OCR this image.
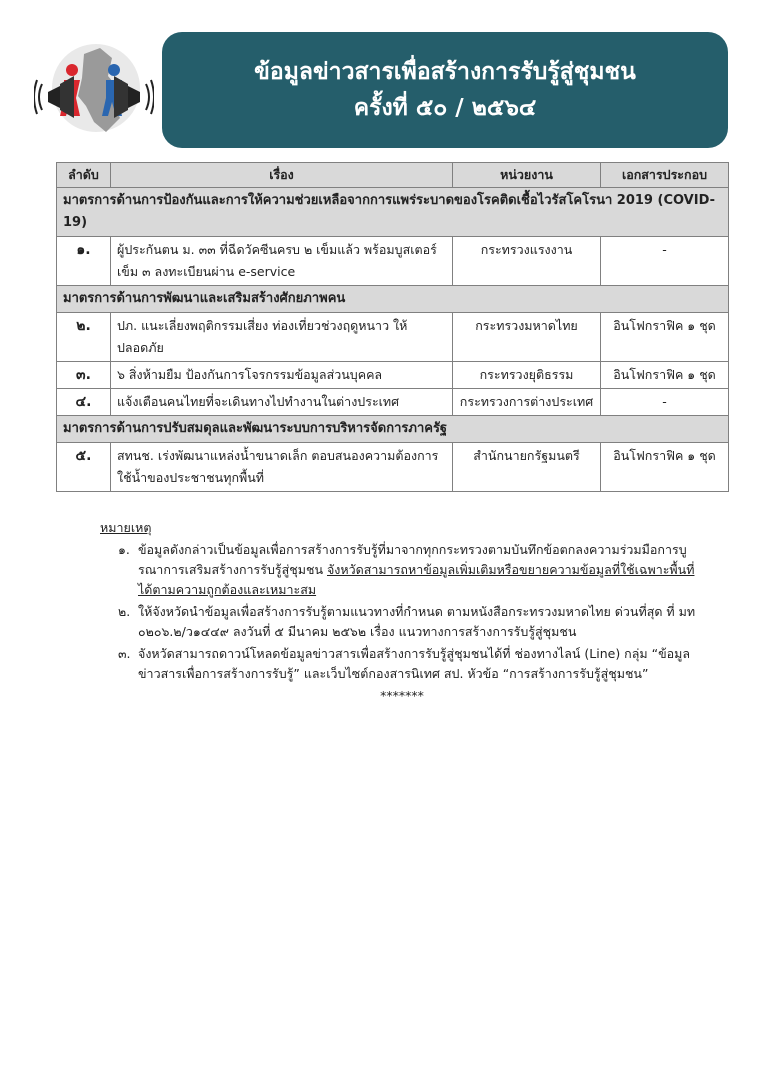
ข้อมูลข่าวสารเพื่อสร้างการรับรู้สู่ชุมชน
ครั้งที่ ๕๐ / ๒๕๖๔
ลำดับ	เรื่อง	หน่วยงาน	เอกสารประกอบ
มาตรการด้านการป้องกันและการให้ความช่วยเหลือจากการแพร่ระบาดของโรคติดเชื้อไวรัสโคโรนา 2019 (COVID-19)			
๑.	ผู้ประกันตน ม. ๓๓ ที่ฉีดวัคซีนครบ ๒ เข็มแล้ว พร้อมบูสเตอร์ เข็ม ๓ ลงทะเบียนผ่าน e-service	กระทรวงแรงงาน	-
มาตรการด้านการพัฒนาและเสริมสร้างศักยภาพคน			
๒.	ปภ. แนะเลี่ยงพฤติกรรมเสี่ยง ท่องเที่ยวช่วงฤดูหนาว ให้ปลอดภัย	กระทรวงมหาดไทย	อินโฟกราฟิค ๑ ชุด
๓.	๖ สิ่งห้ามยืม ป้องกันการโจรกรรมข้อมูลส่วนบุคคล	กระทรวงยุติธรรม	อินโฟกราฟิค ๑ ชุด
๔.	แจ้งเตือนคนไทยที่จะเดินทางไปทำงานในต่างประเทศ	กระทรวงการต่างประเทศ	-
มาตรการด้านการปรับสมดุลและพัฒนาระบบการบริหารจัดการภาครัฐ			
๕.	สทนช. เร่งพัฒนาแหล่งน้ำขนาดเล็ก ตอบสนองความต้องการ ใช้น้ำของประชาชนทุกพื้นที่	สำนักนายกรัฐมนตรี	อินโฟกราฟิค ๑ ชุด
หมายเหตุ
๑. ข้อมูลดังกล่าวเป็นข้อมูลเพื่อการสร้างการรับรู้ที่มาจากทุกกระทรวงตามบันทึกข้อตกลงความร่วมมือการบูรณาการเสริมสร้างการรับรู้สู่ชุมชน จังหวัดสามารถหาข้อมูลเพิ่มเติมหรือขยายความข้อมูลที่ใช้เฉพาะพื้นที่ได้ตามความถูกต้องและเหมาะสม
๒. ให้จังหวัดนำข้อมูลเพื่อสร้างการรับรู้ตามแนวทางที่กำหนด ตามหนังสือกระทรวงมหาดไทย ด่วนที่สุด ที่ มท ๐๒๐๖.๒/ว๑๔๔๙ ลงวันที่ ๕ มีนาคม ๒๕๖๒ เรื่อง แนวทางการสร้างการรับรู้สู่ชุมชน
๓. จังหวัดสามารถดาวน์โหลดข้อมูลข่าวสารเพื่อสร้างการรับรู้สู่ชุมชนได้ที่ ช่องทางไลน์ (Line) กลุ่ม “ข้อมูลข่าวสารเพื่อการสร้างการรับรู้” และเว็บไซต์กองสารนิเทศ สป. หัวข้อ “การสร้างการรับรู้สู่ชุมชน”
*******
